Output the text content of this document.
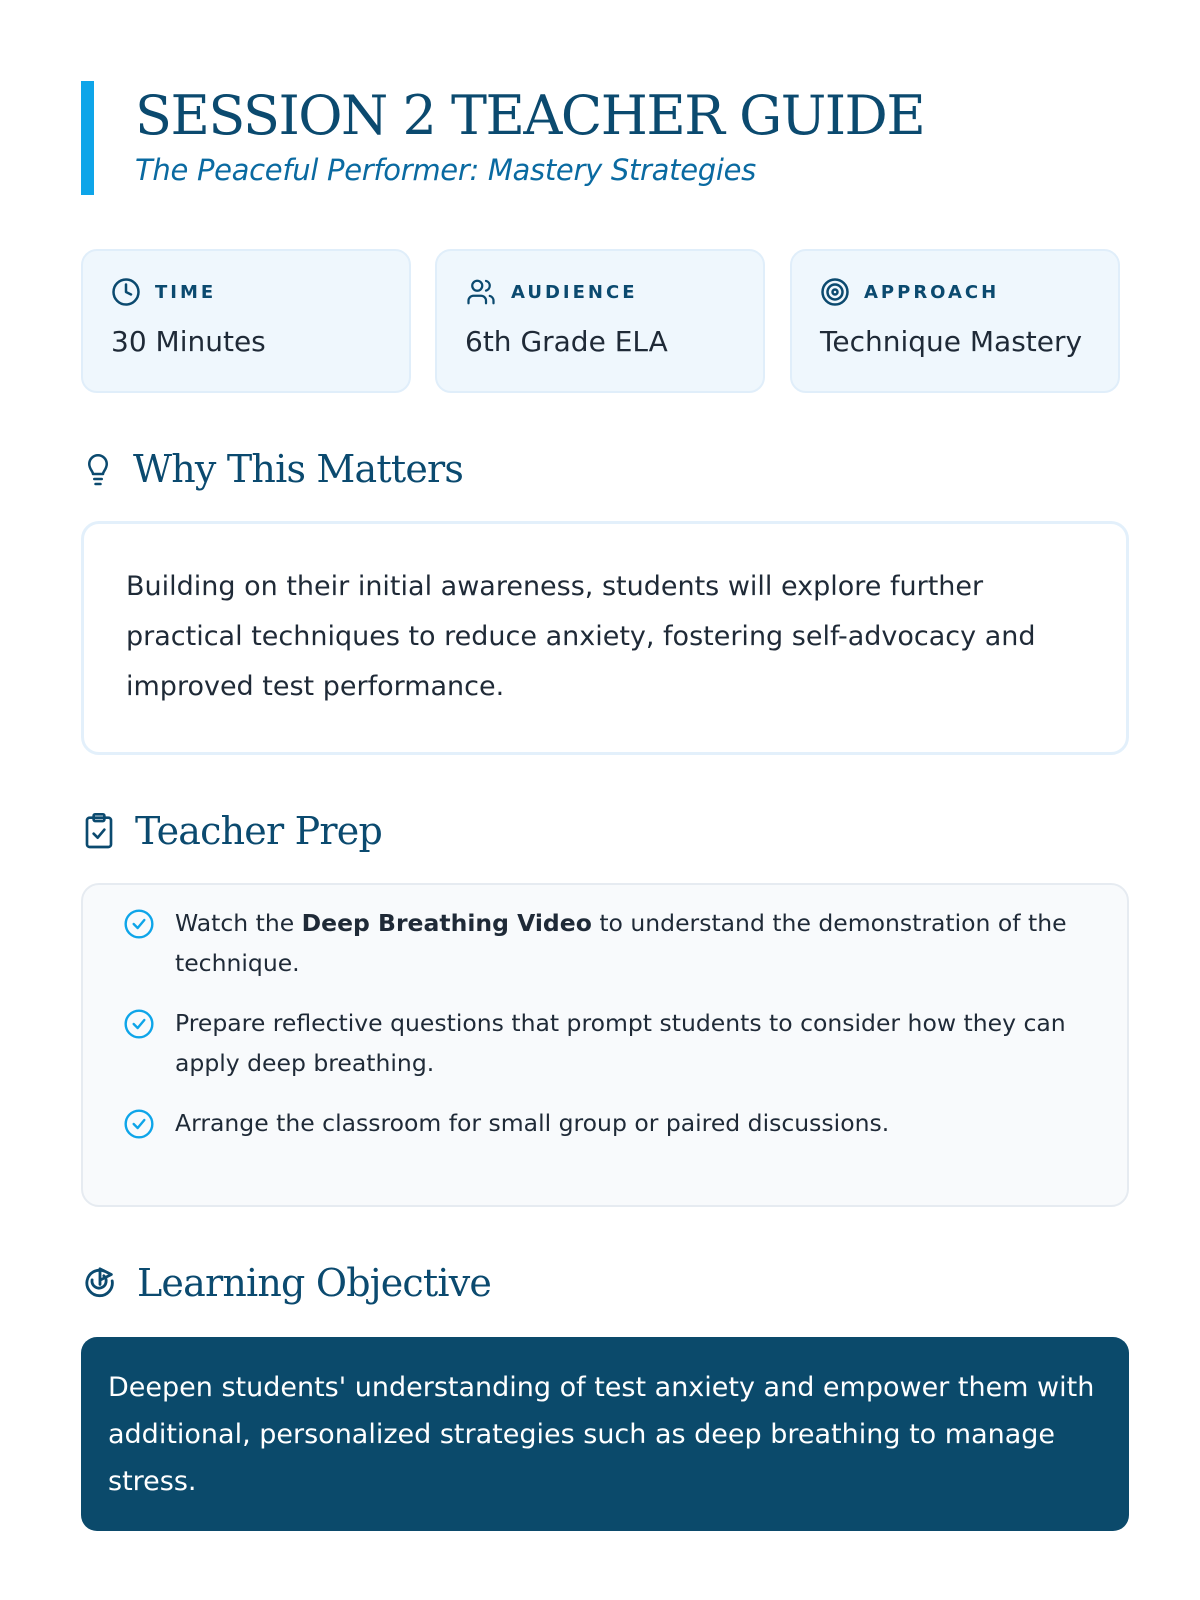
SESSION 2 TEACHER GUIDE
The Peaceful Performer: Mastery Strategies
TIME
30 Minutes
AUDIENCE
6th Grade ELA
APPROACH
Technique Mastery
Why This Matters
Building on their initial awareness, students will explore further practical techniques to reduce anxiety, fostering self-advocacy and improved test performance.
Teacher Prep
Watch the Deep Breathing Video to understand the demonstration of the technique.
Prepare reflective questions that prompt students to consider how they can apply deep breathing.
Arrange the classroom for small group or paired discussions.
Learning Objective
Deepen students' understanding of test anxiety and empower them with additional, personalized strategies such as deep breathing to manage stress.
